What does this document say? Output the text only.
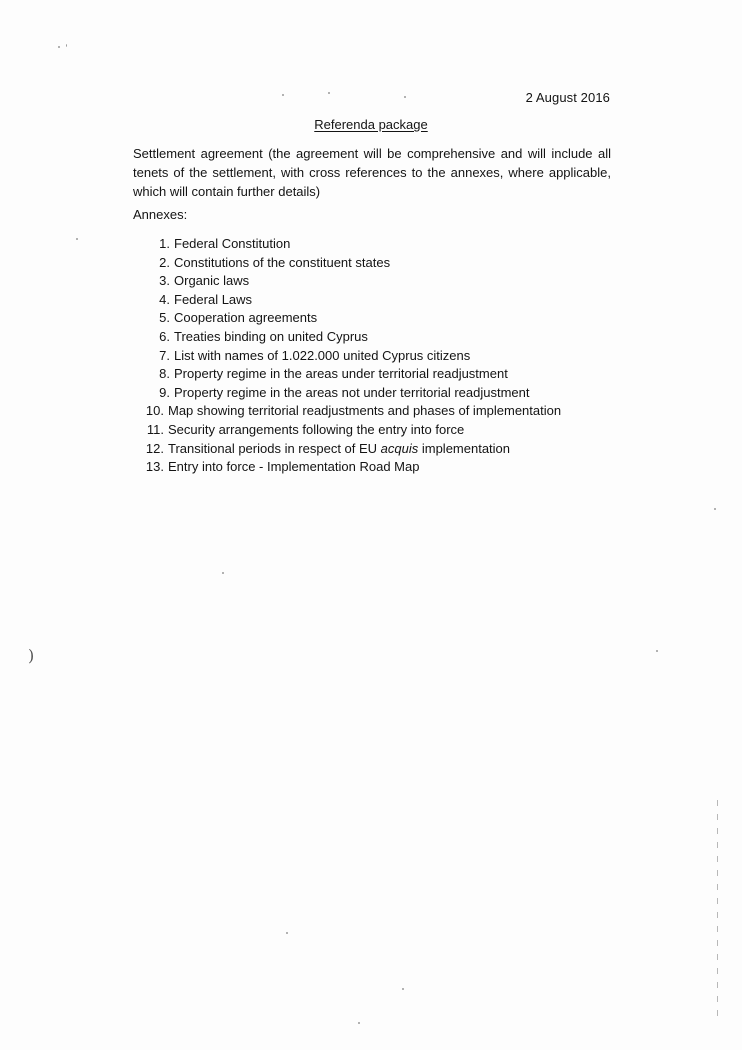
2 August 2016
Referenda package
Settlement agreement (the agreement will be comprehensive and will include all tenets of the settlement, with cross references to the annexes, where applicable, which will contain further details)
Annexes:
1. Federal Constitution
2. Constitutions of the constituent states
3. Organic laws
4. Federal Laws
5. Cooperation agreements
6. Treaties binding on united Cyprus
7. List with names of 1.022.000 united Cyprus citizens
8. Property regime in the areas under territorial readjustment
9. Property regime in the areas not under territorial readjustment
10. Map showing territorial readjustments and phases of implementation
11. Security arrangements following the entry into force
12. Transitional periods in respect of EU acquis implementation
13. Entry into force - Implementation Road Map
)
